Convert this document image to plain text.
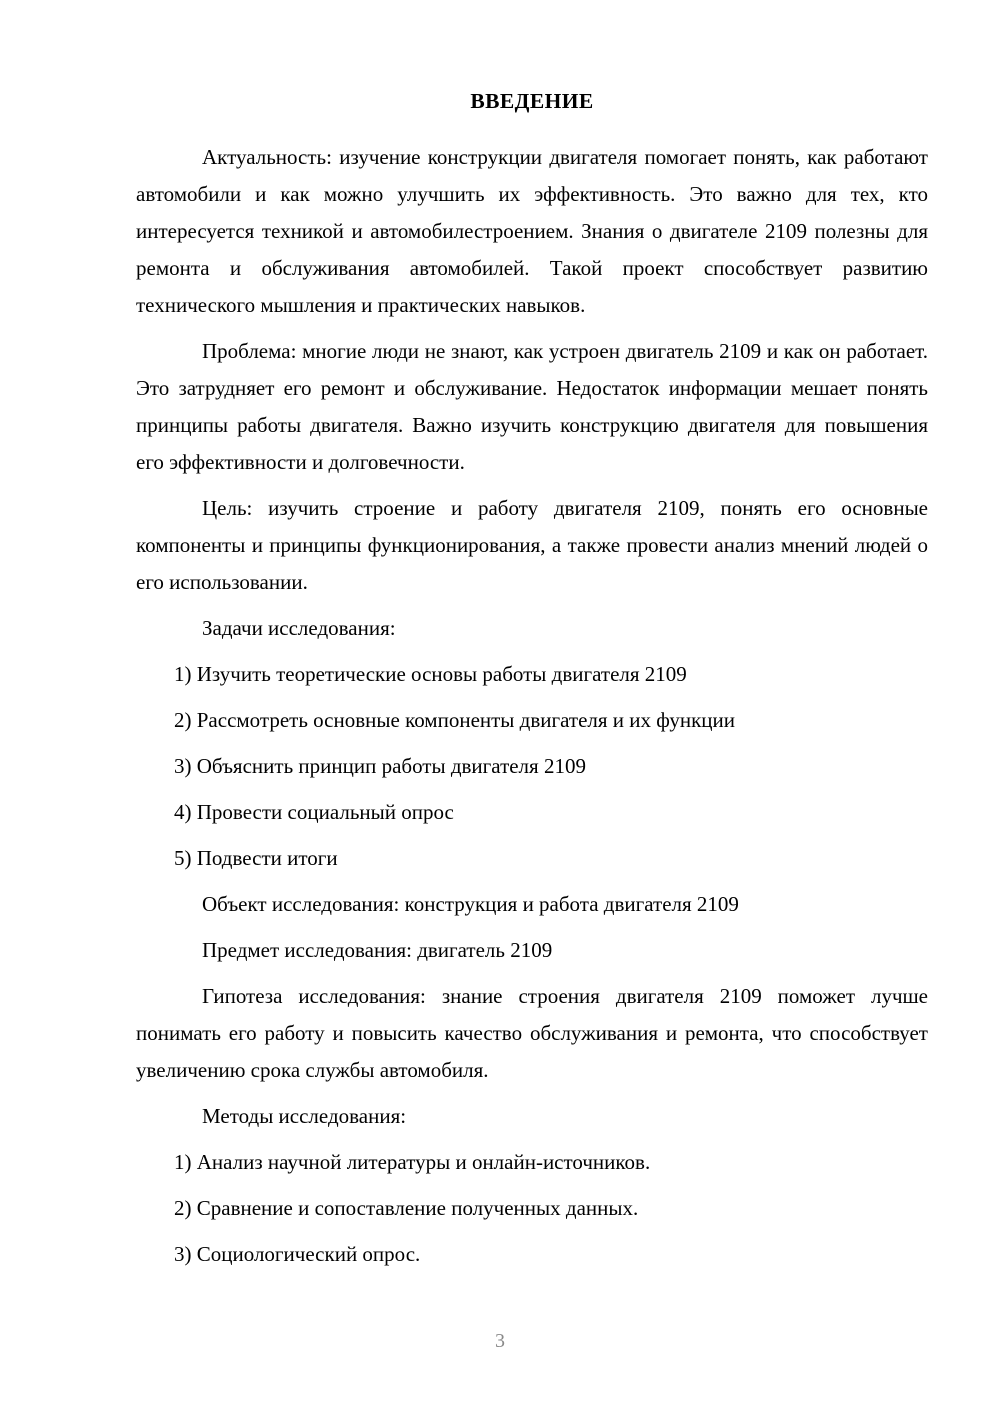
ВВЕДЕНИЕ

Актуальность: изучение конструкции двигателя помогает понять, как работают автомобили и как можно улучшить их эффективность. Это важно для тех, кто интересуется техникой и автомобилестроением. Знания о двигателе 2109 полезны для ремонта и обслуживания автомобилей. Такой проект способствует развитию технического мышления и практических навыков.

Проблема: многие люди не знают, как устроен двигатель 2109 и как он работает. Это затрудняет его ремонт и обслуживание. Недостаток информации мешает понять принципы работы двигателя. Важно изучить конструкцию двигателя для повышения его эффективности и долговечности.

Цель: изучить строение и работу двигателя 2109, понять его основные компоненты и принципы функционирования, а также провести анализ мнений людей о его использовании.

Задачи исследования:

1) Изучить теоретические основы работы двигателя 2109

2) Рассмотреть основные компоненты двигателя и их функции

3) Объяснить принцип работы двигателя 2109

4) Провести социальный опрос

5) Подвести итоги

Объект исследования: конструкция и работа двигателя 2109

Предмет исследования: двигатель 2109

Гипотеза исследования: знание строения двигателя 2109 поможет лучше понимать его работу и повысить качество обслуживания и ремонта, что способствует увеличению срока службы автомобиля.

Методы исследования:

1) Анализ научной литературы и онлайн-источников.

2) Сравнение и сопоставление полученных данных.

3) Социологический опрос.

3
